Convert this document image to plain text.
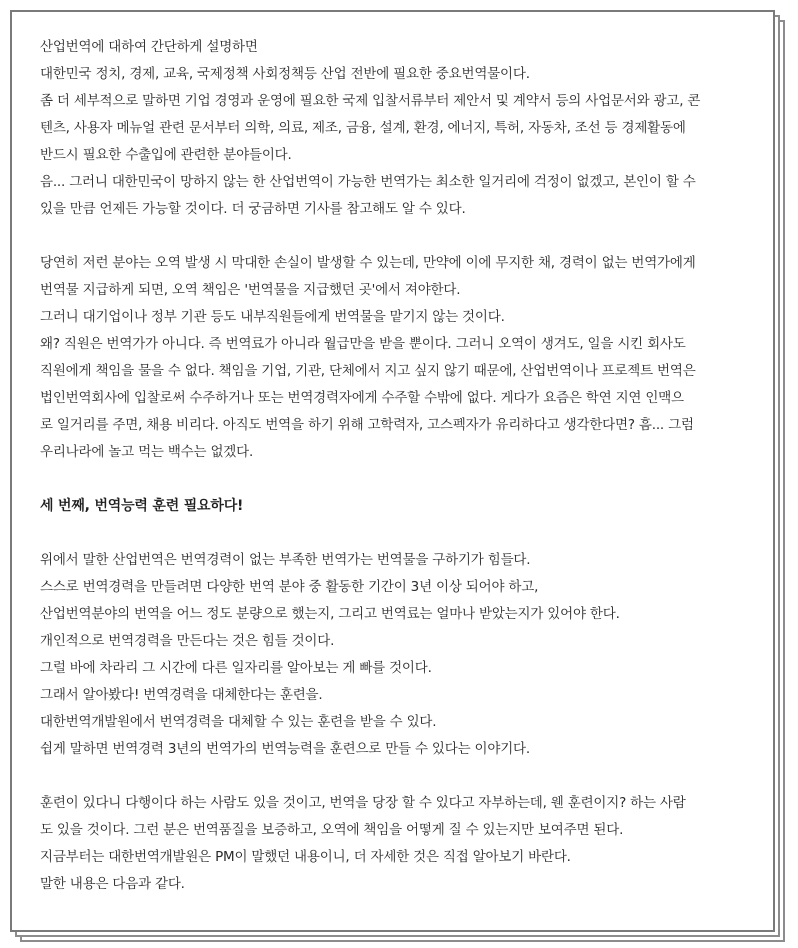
산업번역에 대하여 간단하게 설명하면
대한민국 정치, 경제, 교육, 국제정책 사회정책등 산업 전반에 필요한 중요번역물이다.
좀 더 세부적으로 말하면 기업 경영과 운영에 필요한 국제 입찰서류부터 제안서 및 계약서 등의 사업문서와 광고, 콘
텐츠, 사용자 메뉴얼 관련 문서부터 의학, 의료, 제조, 금융, 설계, 환경, 에너지, 특허, 자동차, 조선 등 경제활동에
반드시 필요한 수출입에 관련한 분야들이다.
음... 그러니 대한민국이 망하지 않는 한 산업번역이 가능한 번역가는 최소한 일거리에 걱정이 없겠고, 본인이 할 수
있을 만큼 언제든 가능할 것이다. 더 궁금하면 기사를 참고해도 알 수 있다.
당연히 저런 분야는 오역 발생 시 막대한 손실이 발생할 수 있는데, 만약에 이에 무지한 채, 경력이 없는 번역가에게
번역물 지급하게 되면, 오역 책임은 '번역물을 지급했던 곳'에서 져야한다.
그러니 대기업이나 정부 기관 등도 내부직원들에게 번역물을 맡기지 않는 것이다.
왜? 직원은 번역가가 아니다. 즉 번역료가 아니라 월급만을 받을 뿐이다. 그러니 오역이 생겨도, 일을 시킨 회사도
직원에게 책임을 물을 수 없다. 책임을 기업, 기관, 단체에서 지고 싶지 않기 때문에, 산업번역이나 프로젝트 번역은
법인번역회사에 입찰로써 수주하거나 또는 번역경력자에게 수주할 수밖에 없다. 게다가 요즘은 학연 지연 인맥으
로 일거리를 주면, 채용 비리다. 아직도 번역을 하기 위해 고학력자, 고스펙자가 유리하다고 생각한다면? 흠... 그럼
우리나라에 놀고 먹는 백수는 없겠다.
세 번째, 번역능력 훈련 필요하다!
위에서 말한 산업번역은 번역경력이 없는 부족한 번역가는 번역물을 구하기가 힘들다.
스스로 번역경력을 만들려면 다양한 번역 분야 중 활동한 기간이 3년 이상 되어야 하고,
산업번역분야의 번역을 어느 정도 분량으로 했는지, 그리고 번역료는 얼마나 받았는지가 있어야 한다.
개인적으로 번역경력을 만든다는 것은 힘들 것이다.
그럴 바에 차라리 그 시간에 다른 일자리를 알아보는 게 빠를 것이다.
그래서 알아봤다! 번역경력을 대체한다는 훈련을.
대한번역개발원에서 번역경력을 대체할 수 있는 훈련을 받을 수 있다.
쉽게 말하면 번역경력 3년의 번역가의 번역능력을 훈련으로 만들 수 있다는 이야기다.
훈련이 있다니 다행이다 하는 사람도 있을 것이고, 번역을 당장 할 수 있다고 자부하는데, 웬 훈련이지? 하는 사람
도 있을 것이다. 그런 분은 번역품질을 보증하고, 오역에 책임을 어떻게 질 수 있는지만 보여주면 된다.
지금부터는 대한번역개발원은 PM이 말했던 내용이니, 더 자세한 것은 직접 알아보기 바란다.
말한 내용은 다음과 같다.
